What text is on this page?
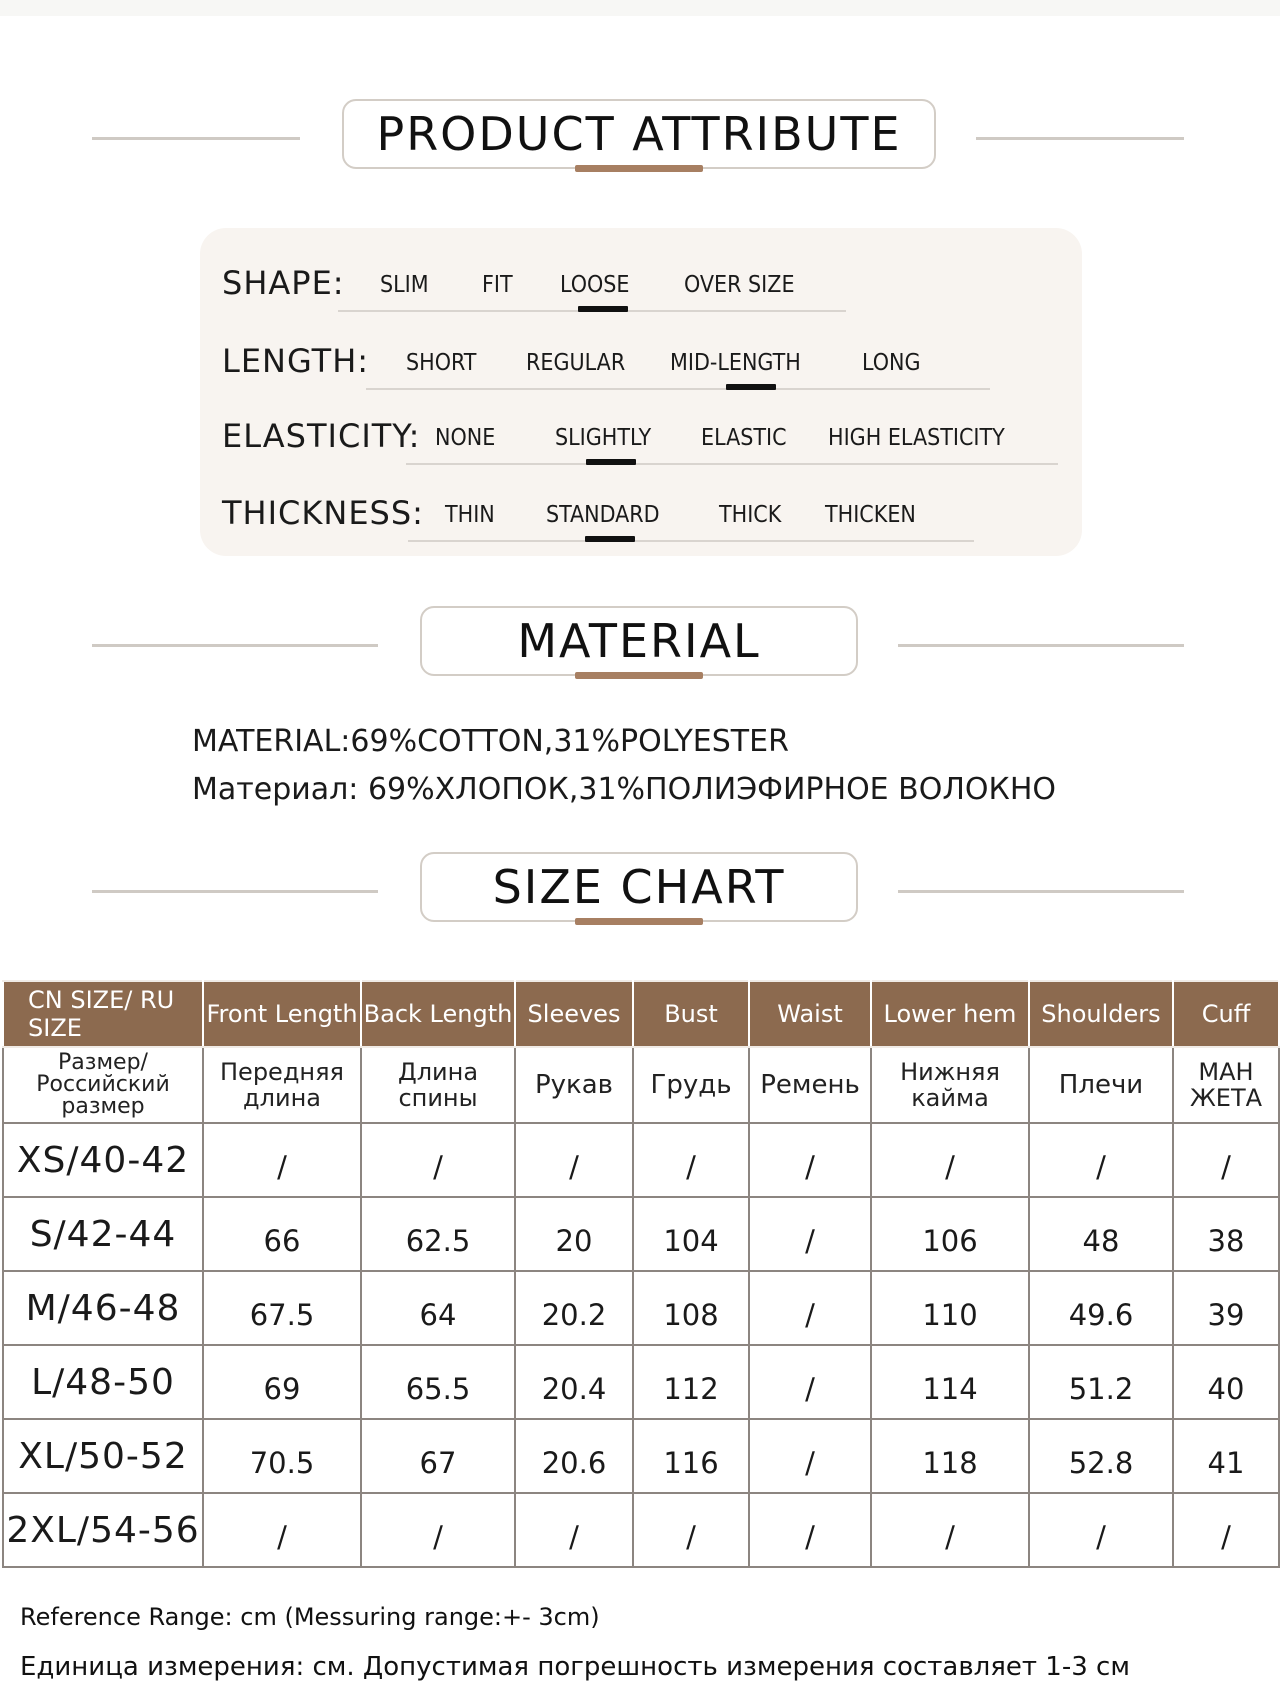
PRODUCT ATTRIBUTE
SHAPE: SLIM FIT LOOSE OVER SIZE
LENGTH: SHORT REGULAR MID-LENGTH	LONG
ELASTICITY: NONE	SLIGHTLY ELASTIC HIGH ELASTICITY
THICKNESS: THIN STANDARD	THICK THICKEN
MATERIAL
MATERIAL:69%COTTON,31%POLYESTER
Материал: 69%ХЛОПОК,31%ПОЛИЭФИРНОЕ ВОЛОКНО
SIZE CHART
CN SIZE/ RU SIZE	Front Length	Back Length	Sleeves	Bust	Waist	Lower hem	Shoulders	Cuff
Размер/ Российский размер	Передняя длина	Длина спины	Рукав	Грудь	Ремень	Нижняя кайма	Плечи	МАН ЖЕТА
XS/40-42	/	/	/	/	/	/	/	/
S/42-44	66	62.5	20	104	/	106	48	38
M/46-48	67.5	64	20.2	108	/	110	49.6	39
L/48-50	69	65.5	20.4	112	/	114	51.2	40
XL/50-52	70.5	67	20.6	116	/	118	52.8	41
2XL/54-56	/	/	/	/	/	/	/	/
Reference Range: cm (Messuring range:+- 3cm)
Единица измерения: см. Допустимая погрешность измерения составляет 1-3 см
